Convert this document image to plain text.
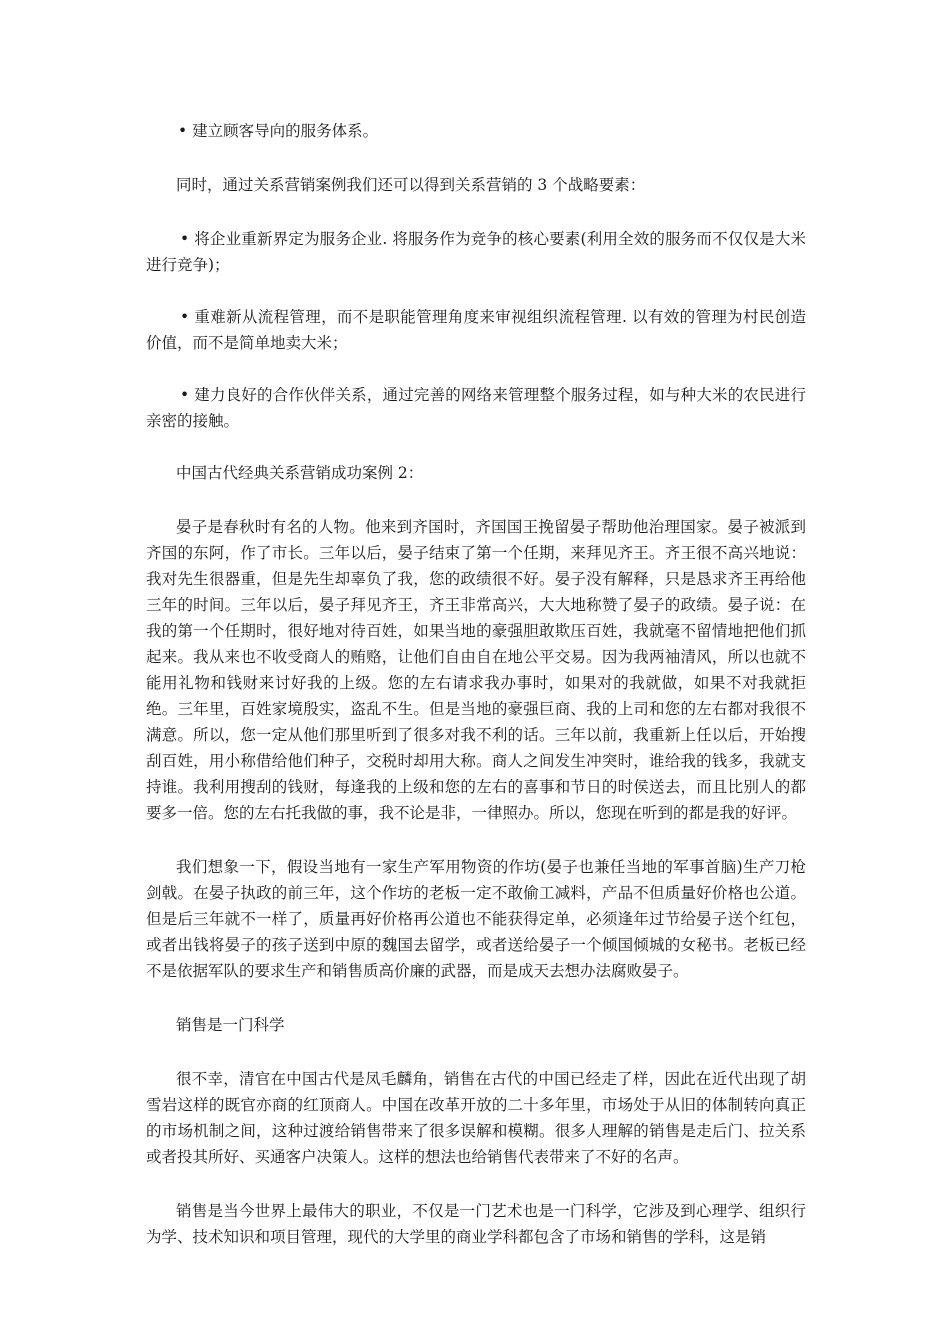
• 建立顾客导向的服务体系。

同时，通过关系营销案例我们还可以得到关系营销的 3 个战略要素：

• 将企业重新界定为服务企业. 将服务作为竞争的核心要素(利用全效的服务而不仅仅是大米进行竞争)；

• 重难新从流程管理，而不是职能管理角度来审视组织流程管理. 以有效的管理为村民创造价值，而不是简单地卖大米；

• 建力良好的合作伙伴关系，通过完善的网络来管理整个服务过程，如与种大米的农民进行亲密的接触。

中国古代经典关系营销成功案例 2：

晏子是春秋时有名的人物。他来到齐国时，齐国国王挽留晏子帮助他治理国家。晏子被派到齐国的东阿，作了市长。三年以后，晏子结束了第一个任期，来拜见齐王。齐王很不高兴地说：我对先生很器重，但是先生却辜负了我，您的政绩很不好。晏子没有解释，只是恳求齐王再给他三年的时间。三年以后，晏子拜见齐王，齐王非常高兴，大大地称赞了晏子的政绩。晏子说：在我的第一个任期时，很好地对待百姓，如果当地的豪强胆敢欺压百姓，我就毫不留情地把他们抓起来。我从来也不收受商人的贿赂，让他们自由自在地公平交易。因为我两袖清风，所以也就不能用礼物和钱财来讨好我的上级。您的左右请求我办事时，如果对的我就做，如果不对我就拒绝。三年里，百姓家境殷实，盗乱不生。但是当地的豪强巨商、我的上司和您的左右都对我很不满意。所以，您一定从他们那里听到了很多对我不利的话。三年以前，我重新上任以后，开始搜刮百姓，用小称借给他们种子，交税时却用大称。商人之间发生冲突时，谁给我的钱多，我就支持谁。我利用搜刮的钱财，每逢我的上级和您的左右的喜事和节日的时侯送去，而且比别人的都要多一倍。您的左右托我做的事，我不论是非，一律照办。所以，您现在听到的都是我的好评。

我们想象一下，假设当地有一家生产军用物资的作坊(晏子也兼任当地的军事首脑)生产刀枪剑戟。在晏子执政的前三年，这个作坊的老板一定不敢偷工减料，产品不但质量好价格也公道。但是后三年就不一样了，质量再好价格再公道也不能获得定单，必须逢年过节给晏子送个红包，或者出钱将晏子的孩子送到中原的魏国去留学，或者送给晏子一个倾国倾城的女秘书。老板已经不是依据军队的要求生产和销售质高价廉的武器，而是成天去想办法腐败晏子。

销售是一门科学

很不幸，清官在中国古代是凤毛麟角，销售在古代的中国已经走了样，因此在近代出现了胡雪岩这样的既官亦商的红顶商人。中国在改革开放的二十多年里，市场处于从旧的体制转向真正的市场机制之间，这种过渡给销售带来了很多误解和模糊。很多人理解的销售是走后门、拉关系或者投其所好、买通客户决策人。这样的想法也给销售代表带来了不好的名声。

销售是当今世界上最伟大的职业，不仅是一门艺术也是一门科学，它涉及到心理学、组织行为学、技术知识和项目管理，现代的大学里的商业学科都包含了市场和销售的学科，这是销
